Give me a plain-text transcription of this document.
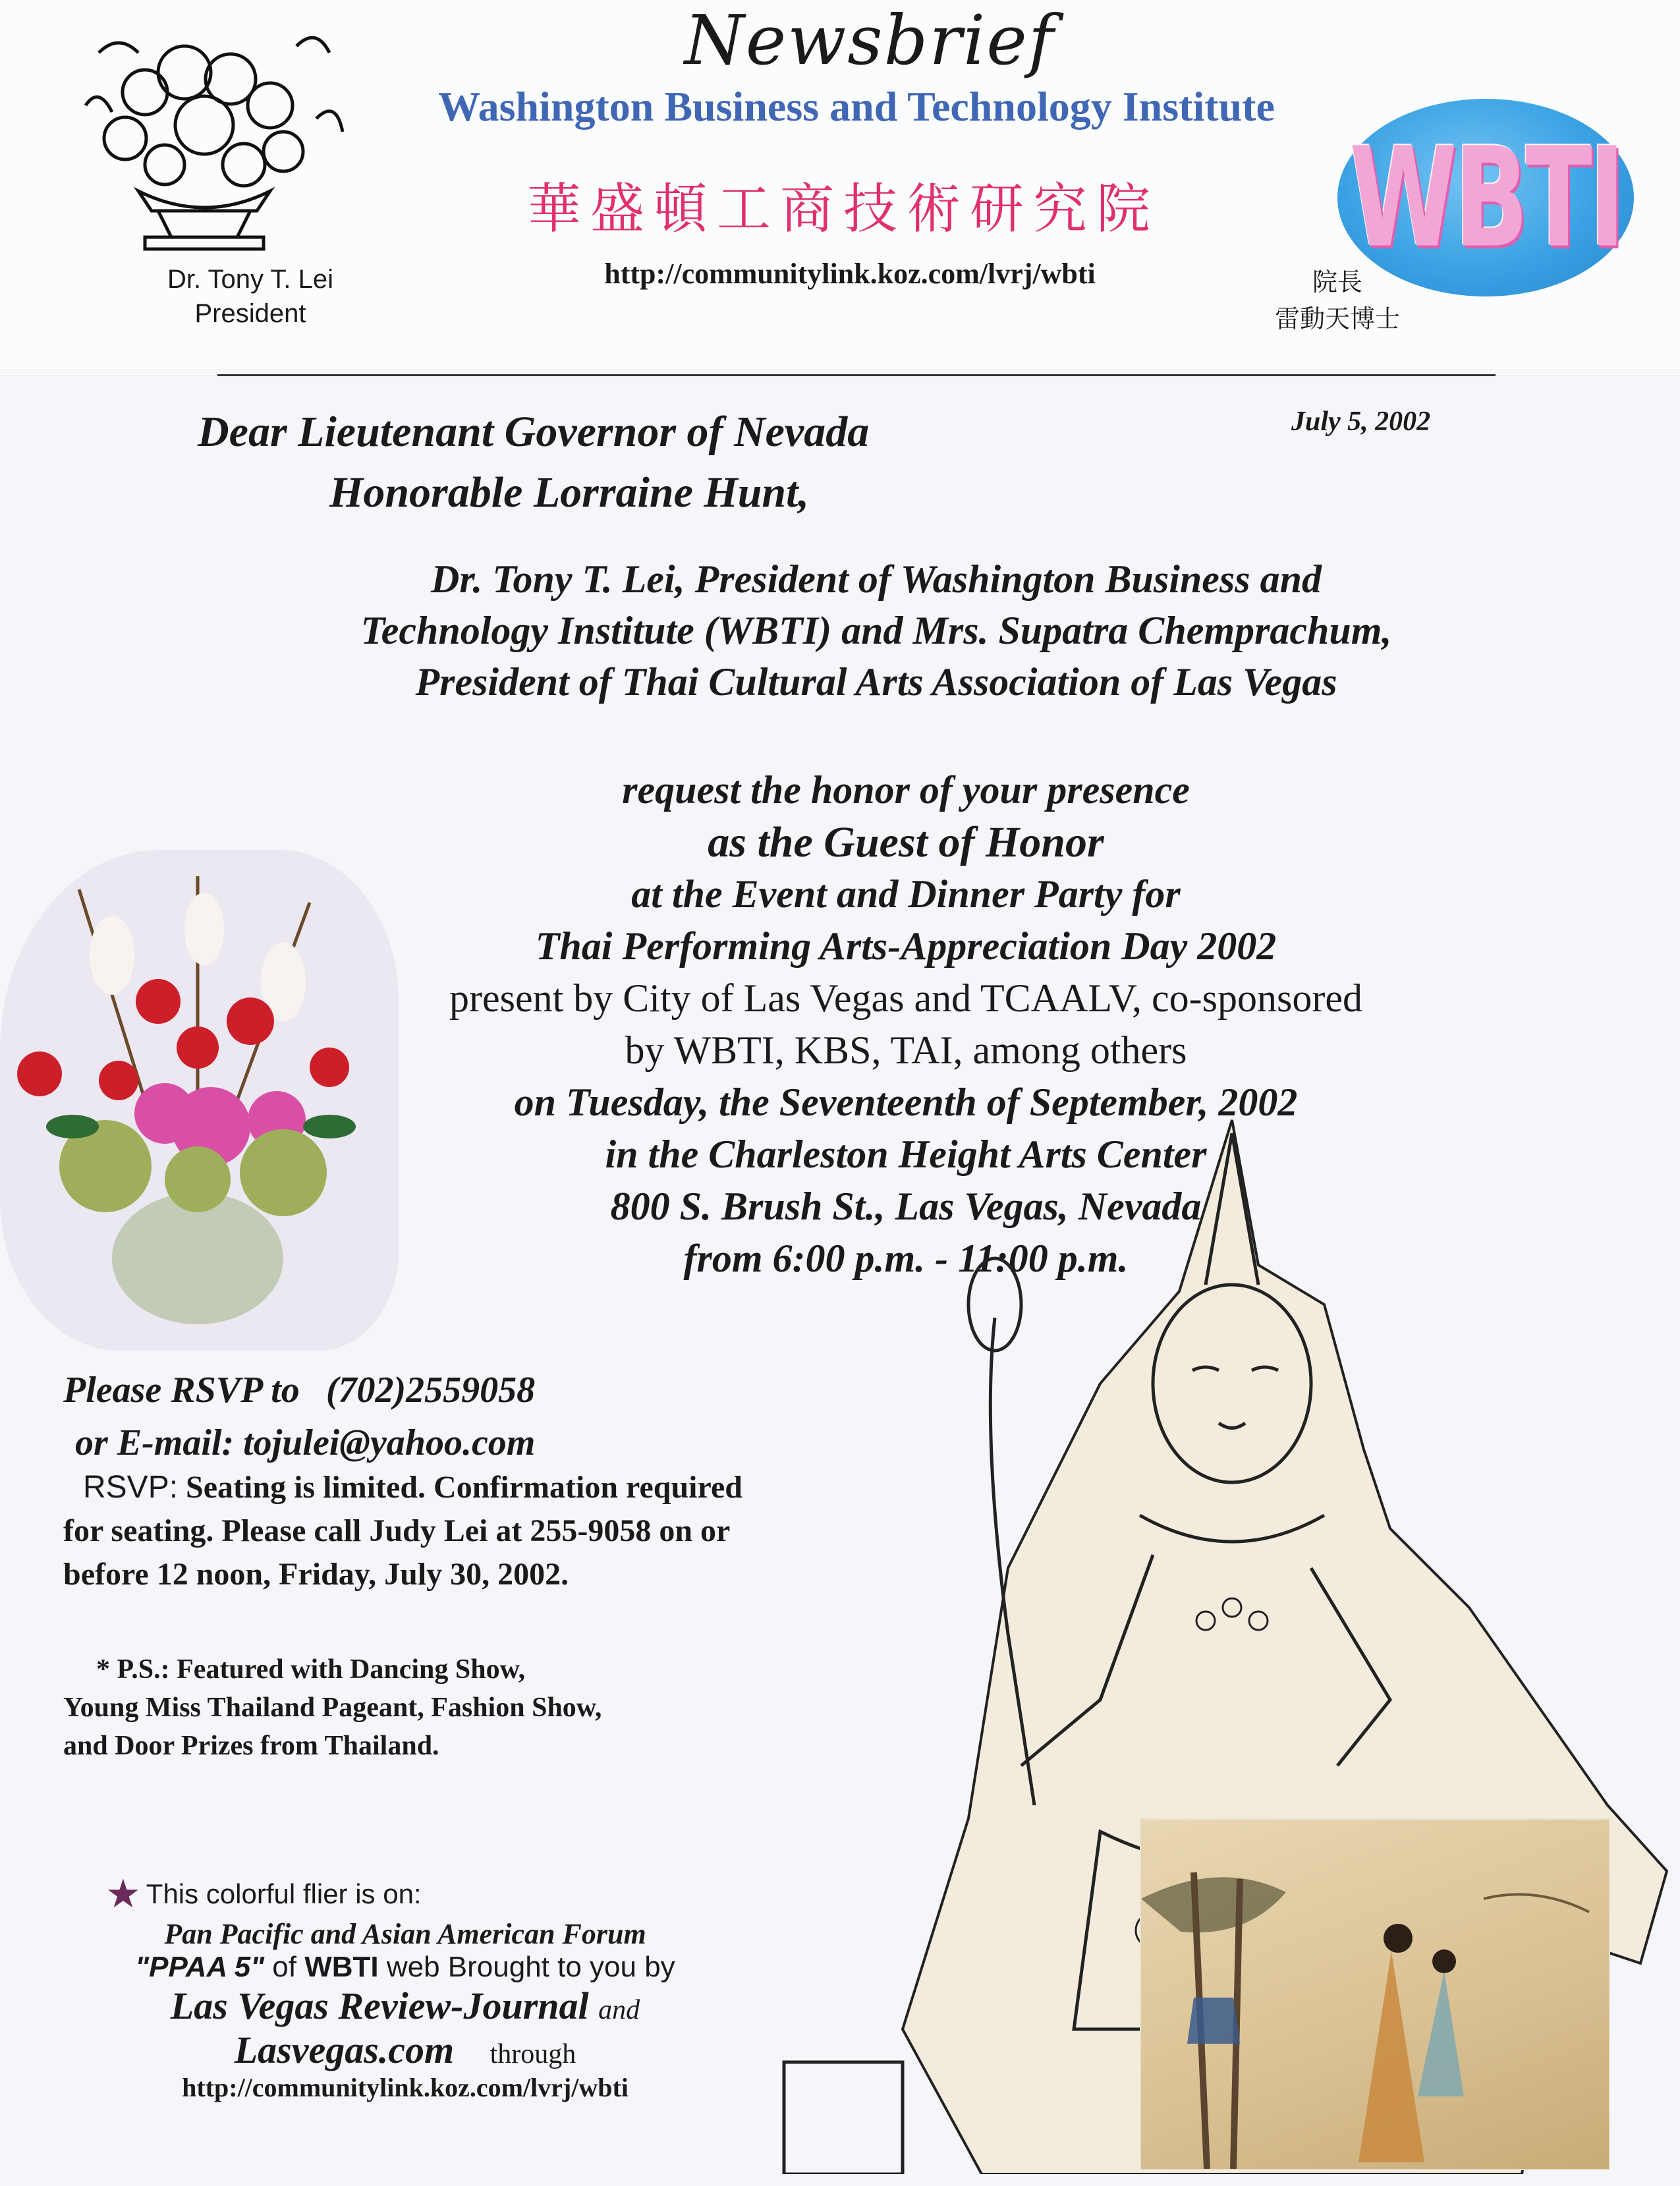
Newsbrief
Washington Business and Technology Institute
華盛頓工商技術研究院
http://communitylink.koz.com/lvrj/wbti
Dr. Tony T. Lei
President
院長
雷動天博士
WBTI
July 5, 2002
Dear Lieutenant Governor of Nevada
Honorable Lorraine Hunt,
Dr. Tony T. Lei, President of Washington Business and
Technology Institute (WBTI) and Mrs. Supatra Chemprachum,
President of Thai Cultural Arts Association of Las Vegas
request the honor of your presence
as the Guest of Honor
at the Event and Dinner Party for
Thai Performing Arts-Appreciation Day 2002
present by City of Las Vegas and TCAALV, co-sponsored
by WBTI, KBS, TAI, among others
on Tuesday, the Seventeenth of September, 2002
in the Charleston Height Arts Center
800 S. Brush St., Las Vegas, Nevada
from 6:00 p.m. - 11:00 p.m.
Please RSVP to (702)2559058
or E-mail: tojulei@yahoo.com
RSVP: Seating is limited. Confirmation required for seating. Please call Judy Lei at 255-9058 on or before 12 noon, Friday, July 30, 2002.
* P.S.: Featured with Dancing Show,
Young Miss Thailand Pageant, Fashion Show,
and Door Prizes from Thailand.
★ This colorful flier is on:
Pan Pacific and Asian American Forum
"PPAA 5" of WBTI web Brought to you by
Las Vegas Review-Journal and
Lasvegas.com through
http://communitylink.koz.com/lvrj/wbti
